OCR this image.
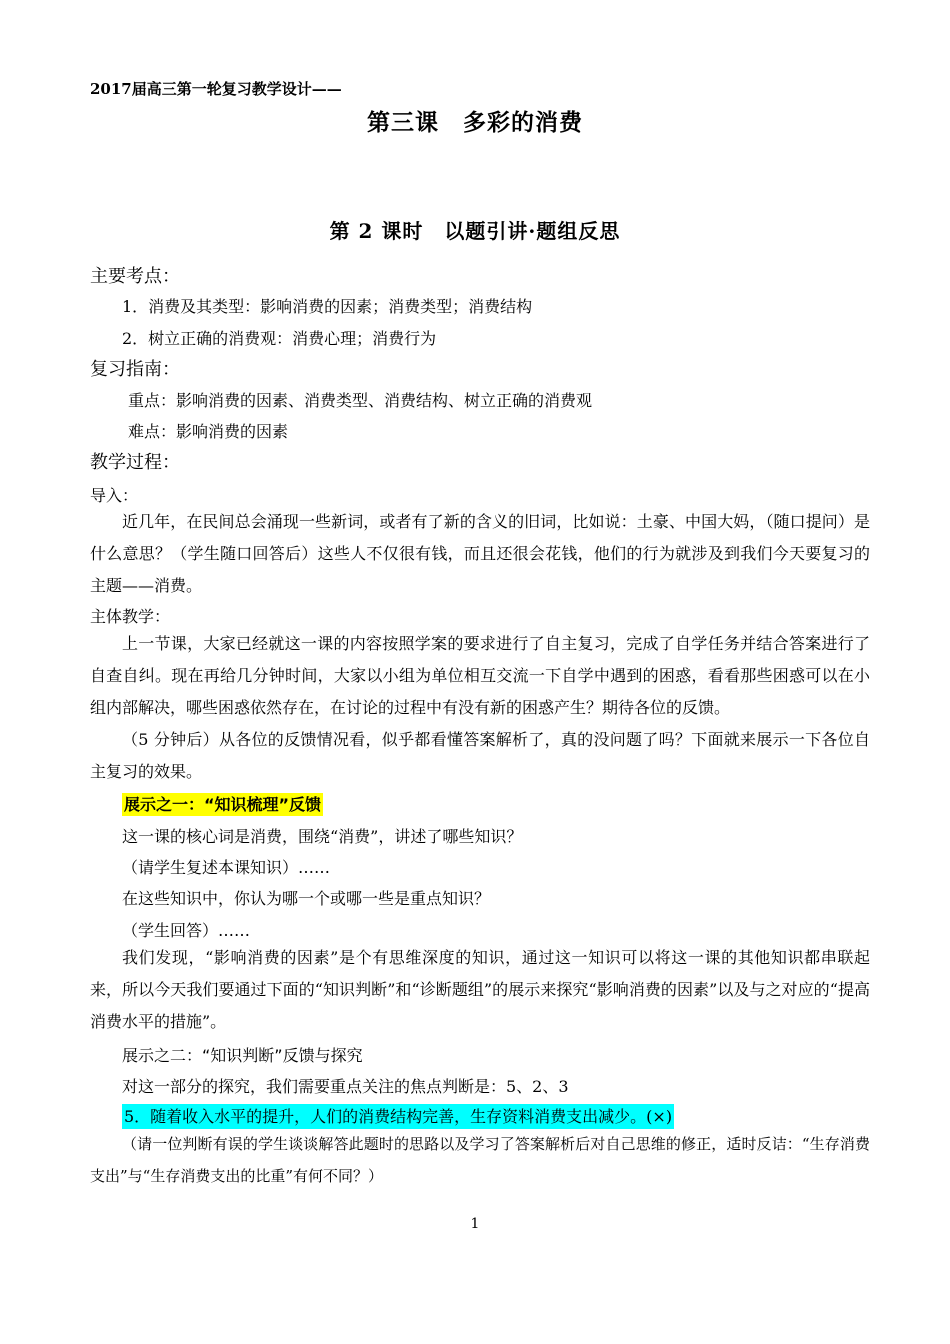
2017届高三第一轮复习教学设计——
第三课　多彩的消费
第 2 课时　以题引讲·题组反思
主要考点：
1．消费及其类型：影响消费的因素；消费类型；消费结构
2．树立正确的消费观：消费心理；消费行为
复习指南：
重点：影响消费的因素、消费类型、消费结构、树立正确的消费观
难点：影响消费的因素
教学过程：
导入：
近几年，在民间总会涌现一些新词，或者有了新的含义的旧词，比如说：土豪、中国大妈，（随口提问）是什么意思？（学生随口回答后）这些人不仅很有钱，而且还很会花钱，他们的行为就涉及到我们今天要复习的主题——消费。
主体教学：
上一节课，大家已经就这一课的内容按照学案的要求进行了自主复习，完成了自学任务并结合答案进行了自查自纠。现在再给几分钟时间，大家以小组为单位相互交流一下自学中遇到的困惑，看看那些困惑可以在小组内部解决，哪些困惑依然存在，在讨论的过程中有没有新的困惑产生？期待各位的反馈。
（5 分钟后）从各位的反馈情况看，似乎都看懂答案解析了，真的没问题了吗？下面就来展示一下各位自主复习的效果。
展示之一：“知识梳理”反馈
这一课的核心词是消费，围绕“消费”，讲述了哪些知识？
（请学生复述本课知识）……
在这些知识中，你认为哪一个或哪一些是重点知识？
（学生回答）……
我们发现，“影响消费的因素”是个有思维深度的知识，通过这一知识可以将这一课的其他知识都串联起来，所以今天我们要通过下面的“知识判断”和“诊断题组”的展示来探究“影响消费的因素”以及与之对应的“提高消费水平的措施”。
展示之二：“知识判断”反馈与探究
对这一部分的探究，我们需要重点关注的焦点判断是：5、2、3
5．随着收入水平的提升，人们的消费结构完善，生存资料消费支出减少。(×)
（请一位判断有误的学生谈谈解答此题时的思路以及学习了答案解析后对自己思维的修正，适时反诘：“生存消费支出”与“生存消费支出的比重”有何不同？）
1
